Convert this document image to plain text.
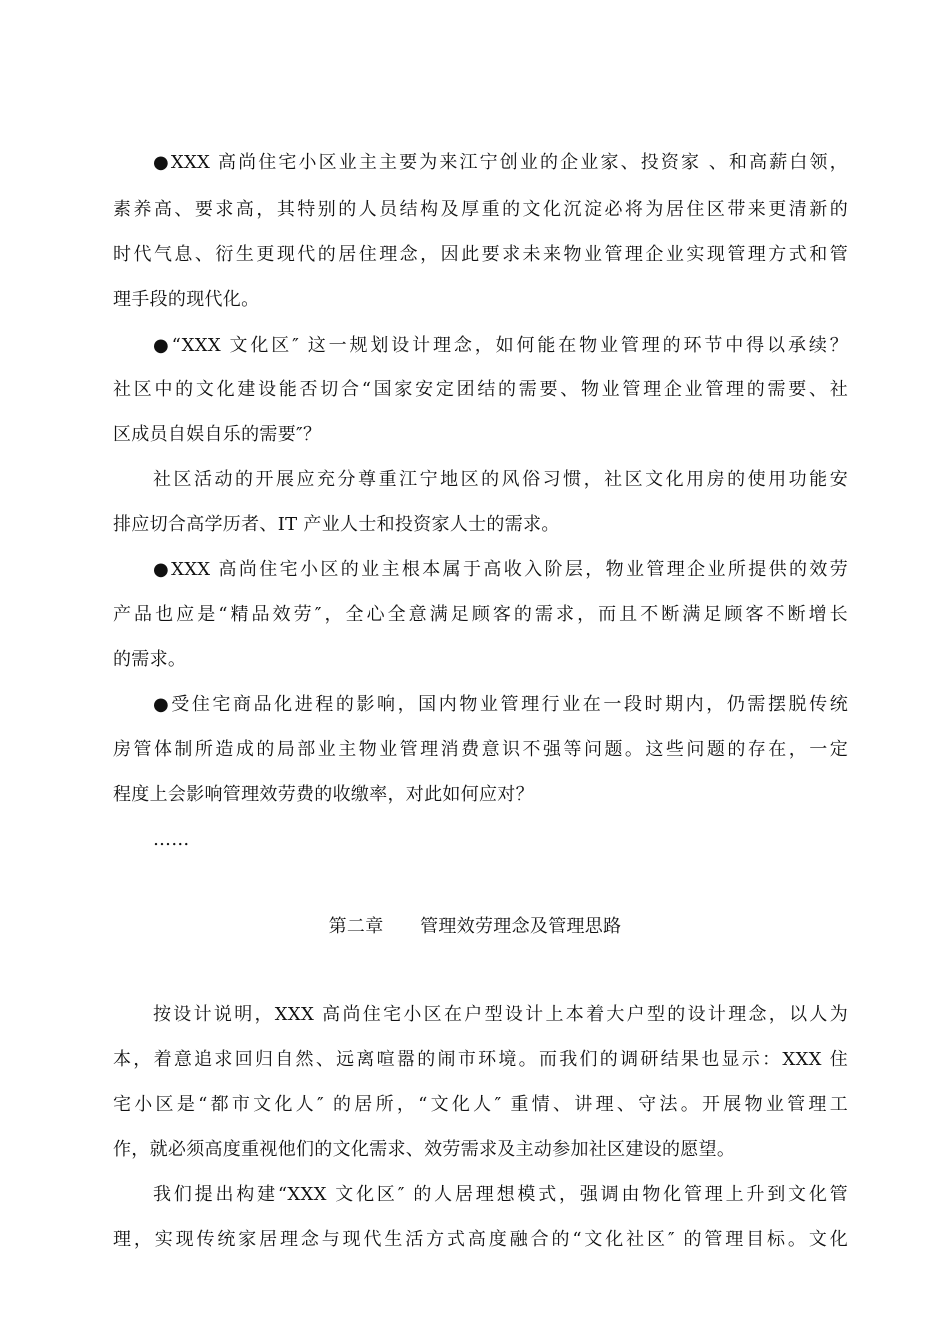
●XXX 高尚住宅小区业主主要为来江宁创业的企业家、投资家 、和高薪白领，
素养高、要求高，其特别的人员结构及厚重的文化沉淀必将为居住区带来更清新的
时代气息、衍生更现代的居住理念，因此要求未来物业管理企业实现管理方式和管
理手段的现代化。
●“XXX 文化区″ 这一规划设计理念，如何能在物业管理的环节中得以承续？
社区中的文化建设能否切合“国家安定团结的需要、物业管理企业管理的需要、社
区成员自娱自乐的需要″？
社区活动的开展应充分尊重江宁地区的风俗习惯，社区文化用房的使用功能安
排应切合高学历者、IT 产业人士和投资家人士的需求。
●XXX 高尚住宅小区的业主根本属于高收入阶层，物业管理企业所提供的效劳
产品也应是“精品效劳″，全心全意满足顾客的需求，而且不断满足顾客不断增长
的需求。
●受住宅商品化进程的影响，国内物业管理行业在一段时期内，仍需摆脱传统
房管体制所造成的局部业主物业管理消费意识不强等问题。这些问题的存在，一定
程度上会影响管理效劳费的收缴率，对此如何应对？
……
第二章　　管理效劳理念及管理思路
按设计说明，XXX 高尚住宅小区在户型设计上本着大户型的设计理念，以人为
本，着意追求回归自然、远离喧嚣的闹市环境。而我们的调研结果也显示：XXX 住
宅小区是“都市文化人″ 的居所，“文化人″ 重情、讲理、守法。开展物业管理工
作，就必须高度重视他们的文化需求、效劳需求及主动参加社区建设的愿望。
我们提出构建“XXX 文化区″ 的人居理想模式，强调由物化管理上升到文化管
理，实现传统家居理念与现代生活方式高度融合的“文化社区″ 的管理目标。文化
